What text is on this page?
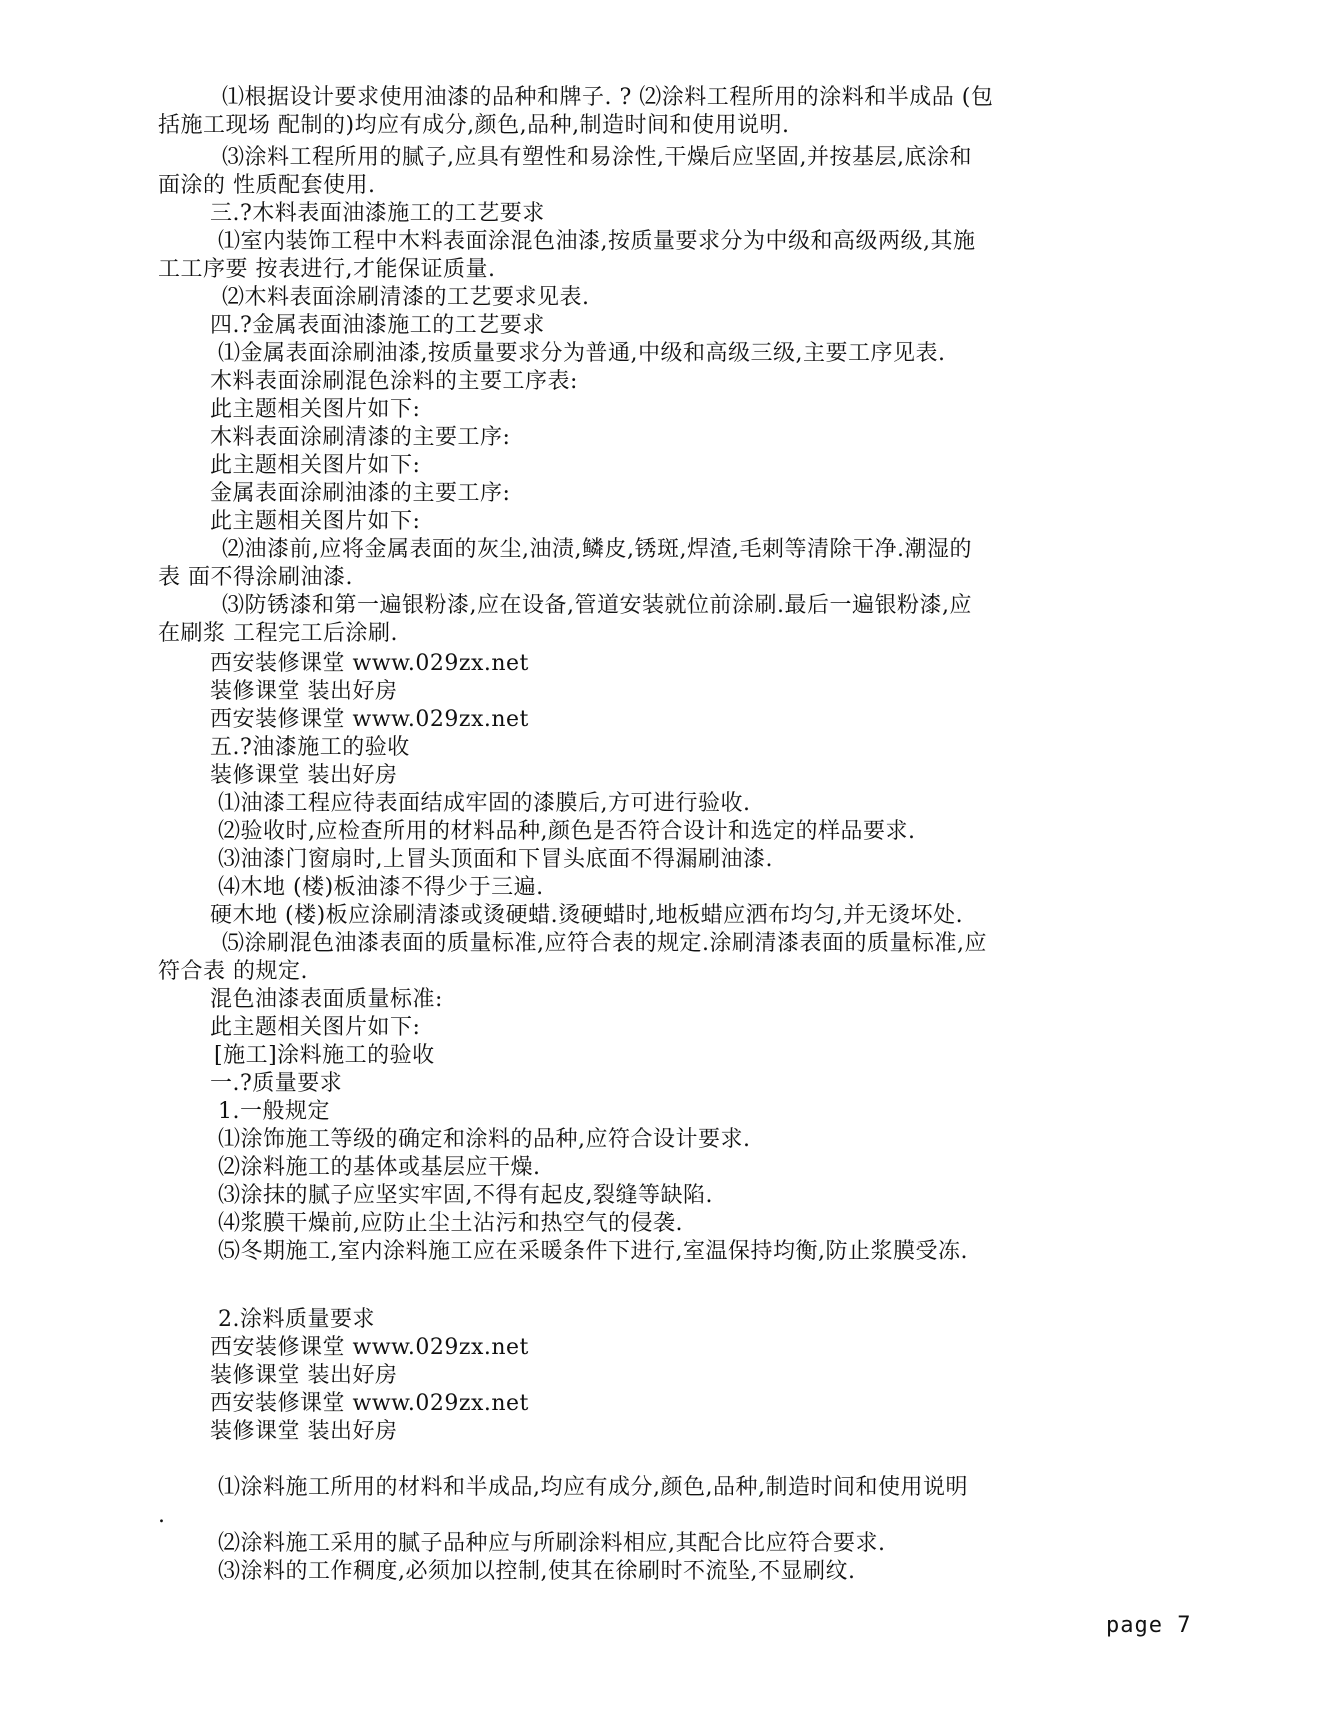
⑴根据设计要求使用油漆的品种和牌子. ? ⑵涂料工程所用的涂料和半成品 (包
括施工现场 配制的)均应有成分,颜色,品种,制造时间和使用说明.
⑶涂料工程所用的腻子,应具有塑性和易涂性,干燥后应坚固,并按基层,底涂和
面涂的 性质配套使用.
三.?木料表面油漆施工的工艺要求
⑴室内装饰工程中木料表面涂混色油漆,按质量要求分为中级和高级两级,其施
工工序要 按表进行,才能保证质量.
⑵木料表面涂刷清漆的工艺要求见表.
四.?金属表面油漆施工的工艺要求
⑴金属表面涂刷油漆,按质量要求分为普通,中级和高级三级,主要工序见表.
木料表面涂刷混色涂料的主要工序表:
此主题相关图片如下:
木料表面涂刷清漆的主要工序:
此主题相关图片如下:
金属表面涂刷油漆的主要工序:
此主题相关图片如下:
⑵油漆前,应将金属表面的灰尘,油渍,鳞皮,锈斑,焊渣,毛刺等清除干净.潮湿的
表 面不得涂刷油漆.
⑶防锈漆和第一遍银粉漆,应在设备,管道安装就位前涂刷.最后一遍银粉漆,应
在刷浆 工程完工后涂刷.
西安装修课堂 www.029zx.net
装修课堂 装出好房
西安装修课堂 www.029zx.net
五.?油漆施工的验收
装修课堂 装出好房
⑴油漆工程应待表面结成牢固的漆膜后,方可进行验收.
⑵验收时,应检查所用的材料品种,颜色是否符合设计和选定的样品要求.
⑶油漆门窗扇时,上冒头顶面和下冒头底面不得漏刷油漆.
⑷木地 (楼)板油漆不得少于三遍.
硬木地 (楼)板应涂刷清漆或烫硬蜡.烫硬蜡时,地板蜡应洒布均匀,并无烫坏处.
⑸涂刷混色油漆表面的质量标准,应符合表的规定.涂刷清漆表面的质量标准,应
符合表 的规定.
混色油漆表面质量标准:
此主题相关图片如下:
[施工]涂料施工的验收
一.?质量要求
1.一般规定
⑴涂饰施工等级的确定和涂料的品种,应符合设计要求.
⑵涂料施工的基体或基层应干燥.
⑶涂抹的腻子应坚实牢固,不得有起皮,裂缝等缺陷.
⑷浆膜干燥前,应防止尘土沾污和热空气的侵袭.
⑸冬期施工,室内涂料施工应在采暖条件下进行,室温保持均衡,防止浆膜受冻.
2.涂料质量要求
西安装修课堂 www.029zx.net
装修课堂 装出好房
西安装修课堂 www.029zx.net
装修课堂 装出好房
⑴涂料施工所用的材料和半成品,均应有成分,颜色,品种,制造时间和使用说明
.
⑵涂料施工采用的腻子品种应与所刷涂料相应,其配合比应符合要求.
⑶涂料的工作稠度,必须加以控制,使其在徐刷时不流坠,不显刷纹.
page 7
